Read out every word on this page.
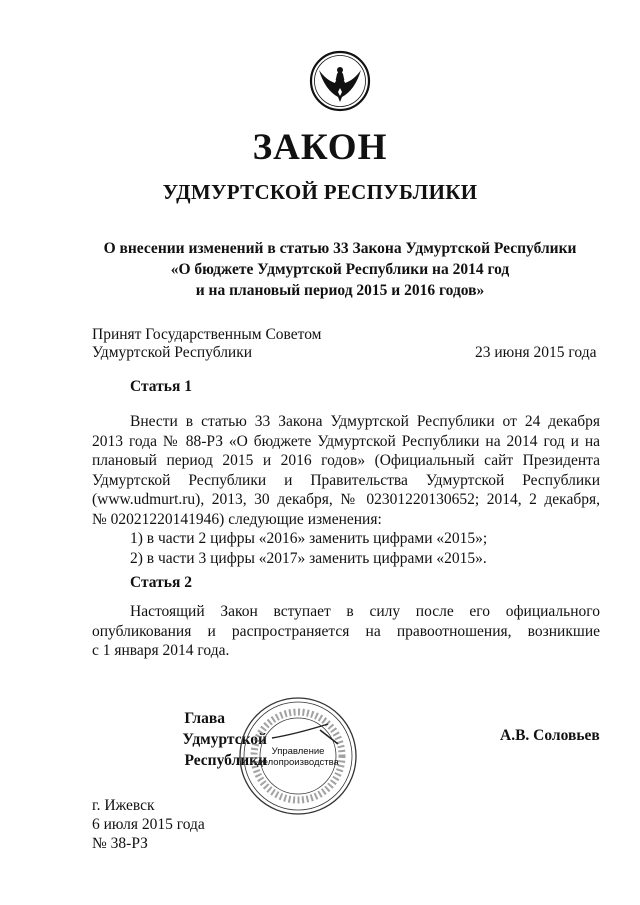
ЗАКОН
УДМУРТСКОЙ РЕСПУБЛИКИ
О внесении изменений в статью 33 Закона Удмуртской Республики
«О бюджете Удмуртской Республики на 2014 год
и на плановый период 2015 и 2016 годов»
Принят Государственным Советом
Удмуртской Республики	23 июня 2015 года
Статья 1
Внести в статью 33 Закона Удмуртской Республики от 24 декабря
2013 года № 88-РЗ «О бюджете Удмуртской Республики на 2014 год и на
плановый период 2015 и 2016 годов» (Официальный сайт Президента
Удмуртской Республики и Правительства Удмуртской Республики
(www.udmurt.ru), 2013, 30 декабря, № 02301220130652; 2014, 2 декабря,
№ 02021220141946) следующие изменения:
1) в части 2 цифры «2016» заменить цифрами «2015»;
2) в части 3 цифры «2017» заменить цифрами «2015».
Статья 2
Настоящий Закон вступает в силу после его официального
опубликования и распространяется на правоотношения, возникшие
с 1 января 2014 года.
Глава
Удмуртской Республики
А.В. Соловьев
Управление
делопроизводства
г. Ижевск
6 июля 2015 года
№ 38-РЗ
